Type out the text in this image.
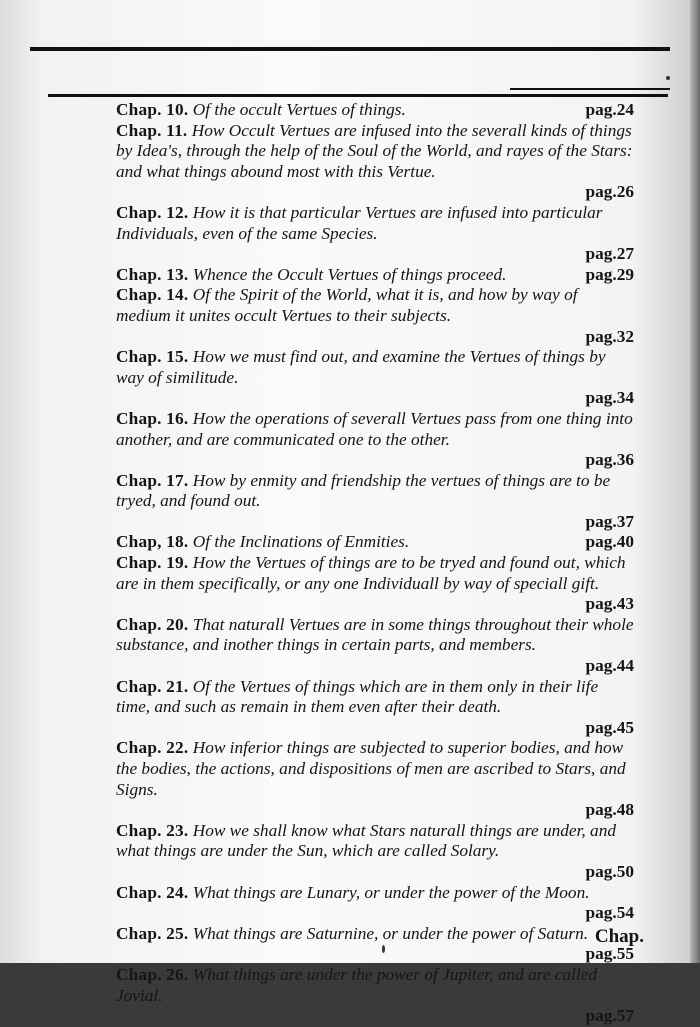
Chap. 10. Of the occult Vertues of things.	pag.24

Chap. 11. How Occult Vertues are infused into the severall kinds of things by Idea's, through the help of the Soul of the World, and rayes of the Stars: and what things abound most with this Vertue.
pag.26

Chap. 12. How it is that particular Vertues are infused into particular Individuals, even of the same Species.
pag.27

Chap. 13. Whence the Occult Vertues of things proceed.	pag.29

Chap. 14. Of the Spirit of the World, what it is, and how by way of medium it unites occult Vertues to their subjects.
pag.32

Chap. 15. How we must find out, and examine the Vertues of things by way of similitude.
pag.34

Chap. 16. How the operations of severall Vertues pass from one thing into another, and are communicated one to the other.
pag.36

Chap. 17. How by enmity and friendship the vertues of things are to be tryed, and found out.
pag.37

Chap, 18. Of the Inclinations of Enmities.	pag.40

Chap. 19. How the Vertues of things are to be tryed and found out, which are in them specifically, or any one Individuall by way of speciall gift.
pag.43

Chap. 20. That naturall Vertues are in some things throughout their whole substance, and inother things in certain parts, and members.
pag.44

Chap. 21. Of the Vertues of things which are in them only in their life time, and such as remain in them even after their death.
pag.45

Chap. 22. How inferior things are subjected to superior bodies, and how the bodies, the actions, and dispositions of men are ascribed to Stars, and Signs.
pag.48

Chap. 23. How we shall know what Stars naturall things are under, and what things are under the Sun, which are called Solary.
pag.50

Chap. 24. What things are Lunary, or under the power of the Moon.
pag.54

Chap. 25. What things are Saturnine, or under the power of Saturn.
pag.55

Chap. 26. What things are under the power of Jupiter, and are called Jovial.
pag.57

Chap.
